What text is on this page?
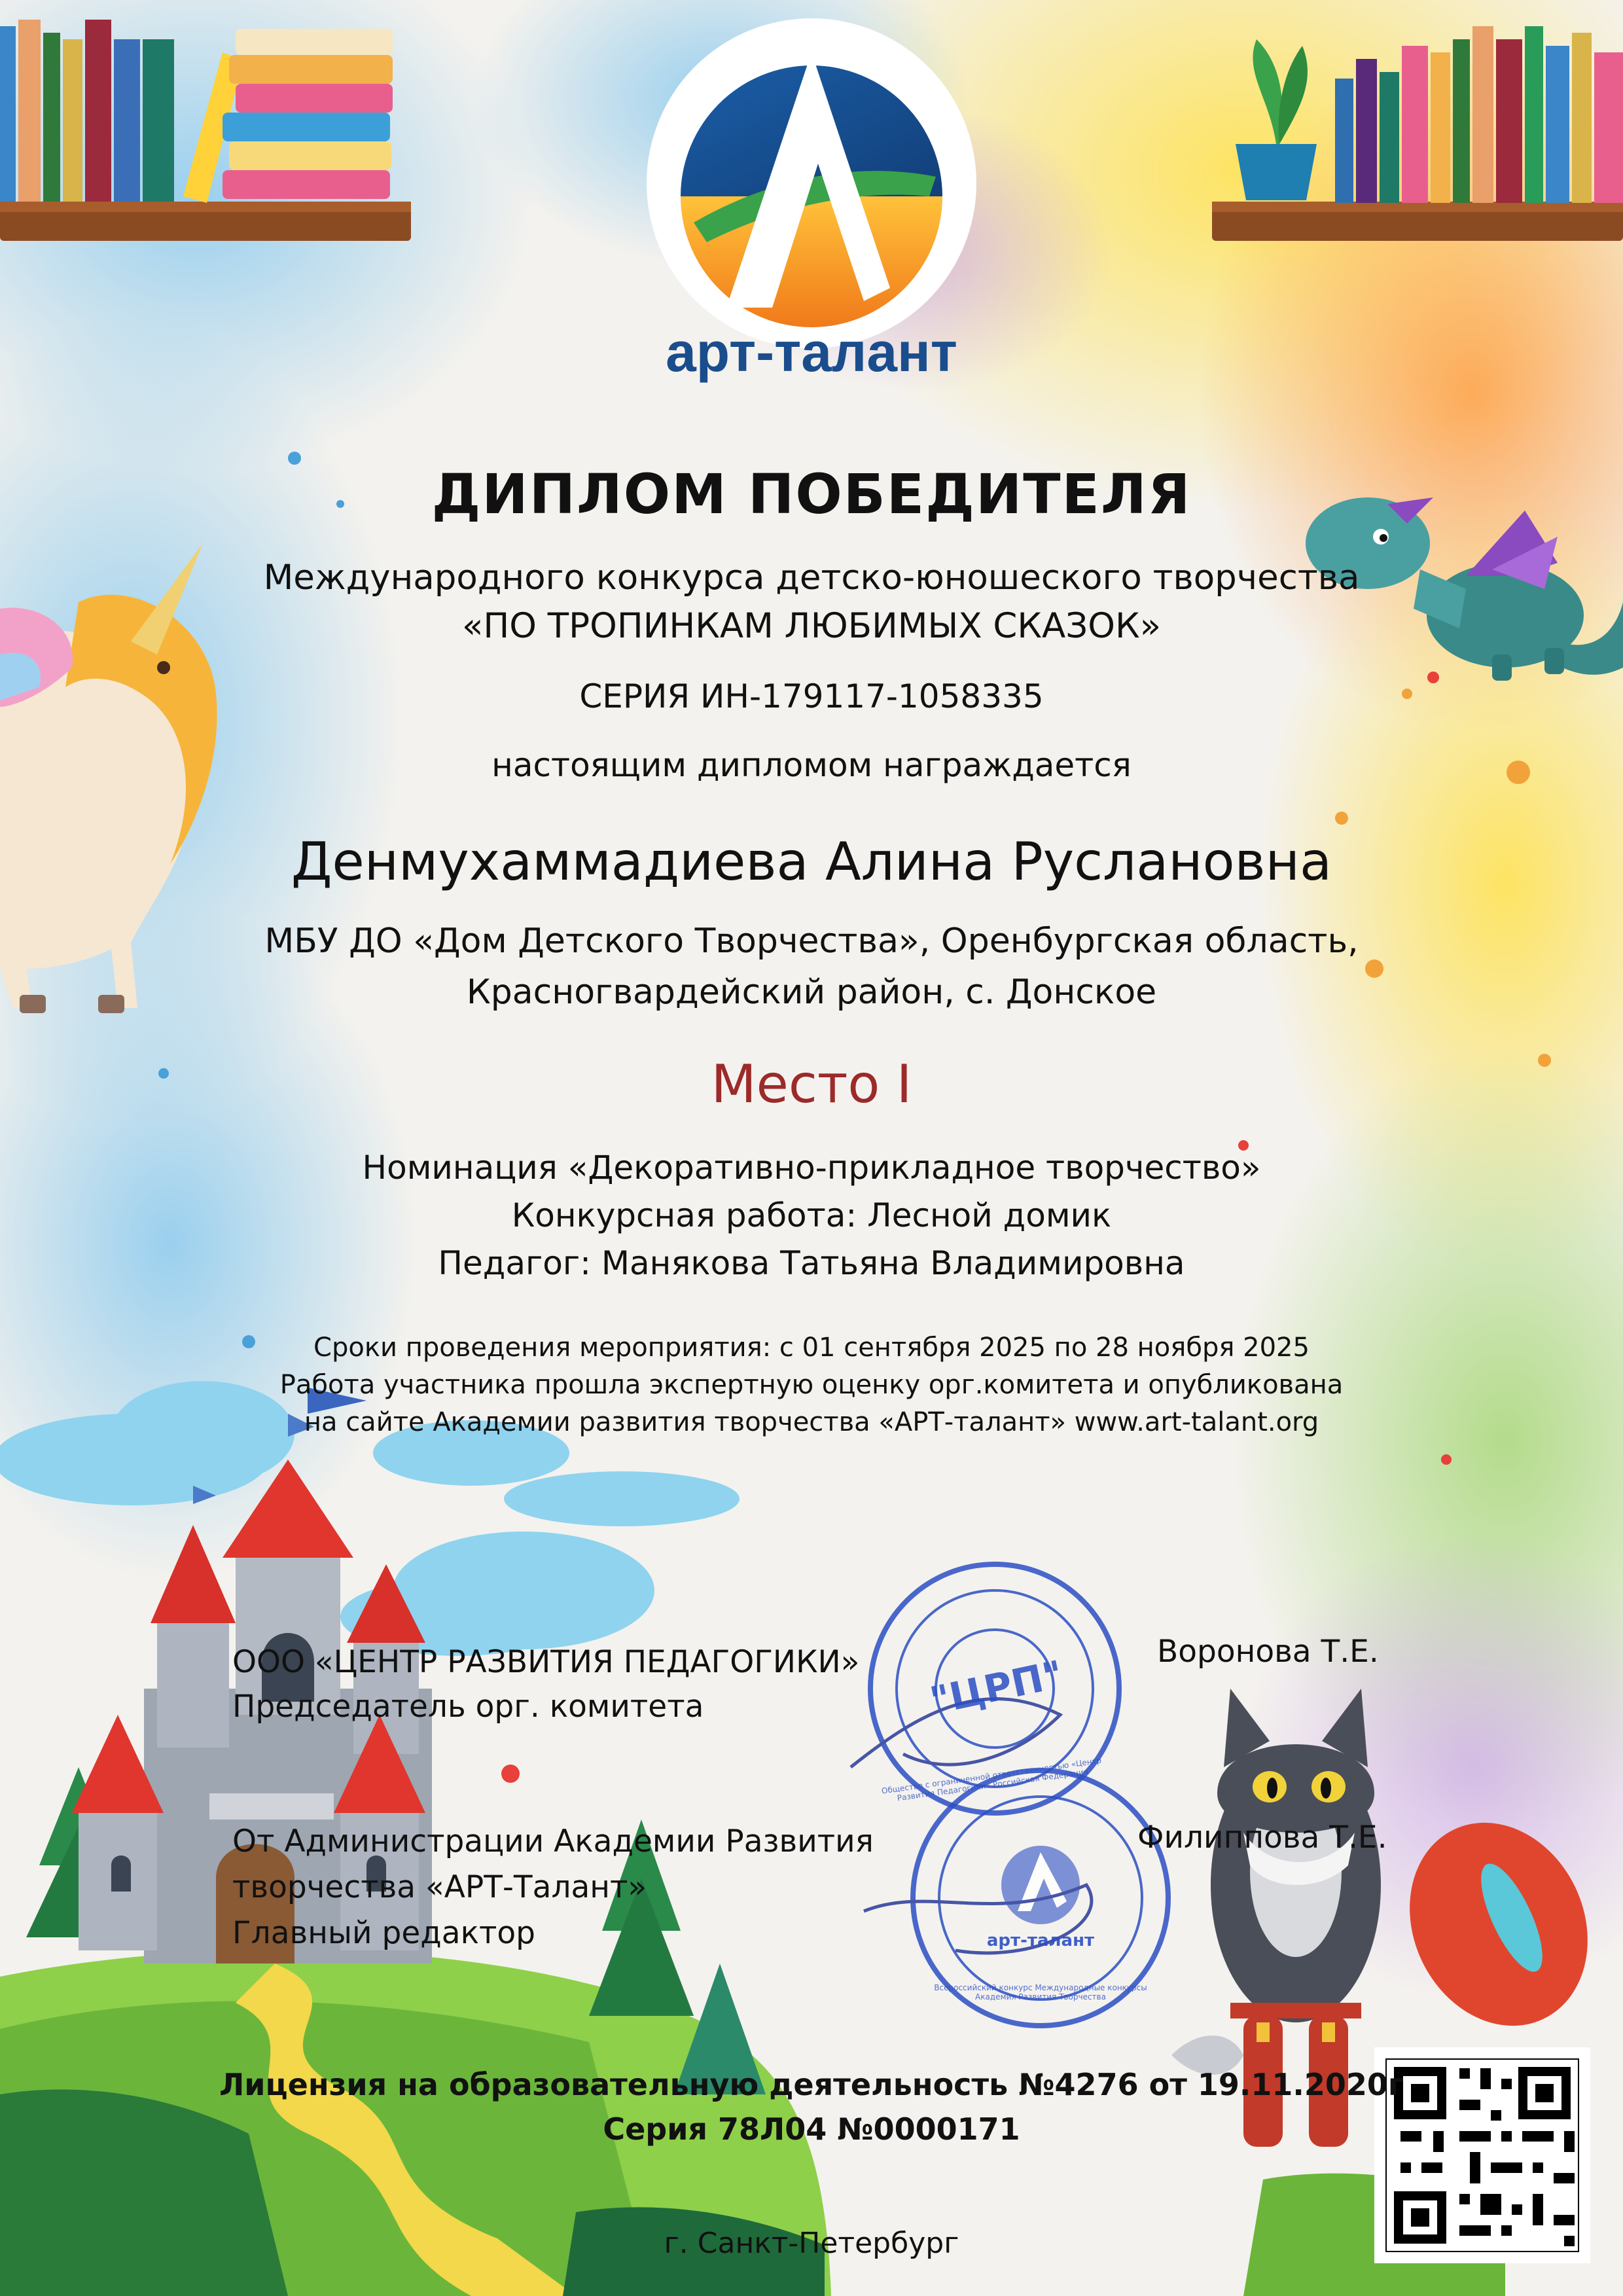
арт-талант
ДИПЛОМ ПОБЕДИТЕЛЯ
Международного конкурса детско-юношеского творчества
«ПО ТРОПИНКАМ ЛЮБИМЫХ СКАЗОК»
СЕРИЯ ИН-179117-1058335
настоящим дипломом награждается
Денмухаммадиева Алина Руслановна
МБУ ДО «Дом Детского Творчества», Оренбургская область,
Красногвардейский район, с. Донское
Место I
Номинация «Декоративно-прикладное творчество»
Конкурсная работа: Лесной домик
Педагог: Манякова Татьяна Владимировна
Сроки проведения мероприятия: с 01 сентября 2025 по 28 ноября 2025
Работа участника прошла экспертную оценку орг.комитета и опубликована
на сайте Академии развития творчества «АРТ-талант» www.art-talant.org
ООО «ЦЕНТР РАЗВИТИЯ ПЕДАГОГИКИ»
Председатель орг. комитета
Воронова Т.Е.
От Администрации Академии Развития
творчества «АРТ-Талант»
Главный редактор
Филиппова Т.Е.
"ЦРП"
Общество с ограниченной ответственностью «Центр Развития Педагогики» Российская Федерация
арт-талант
Всероссийский конкурс Международные конкурсы Академия Развития Творчества
Лицензия на образовательную деятельность №4276 от 19.11.2020г
Серия 78Л04 №0000171
г. Санкт-Петербург
